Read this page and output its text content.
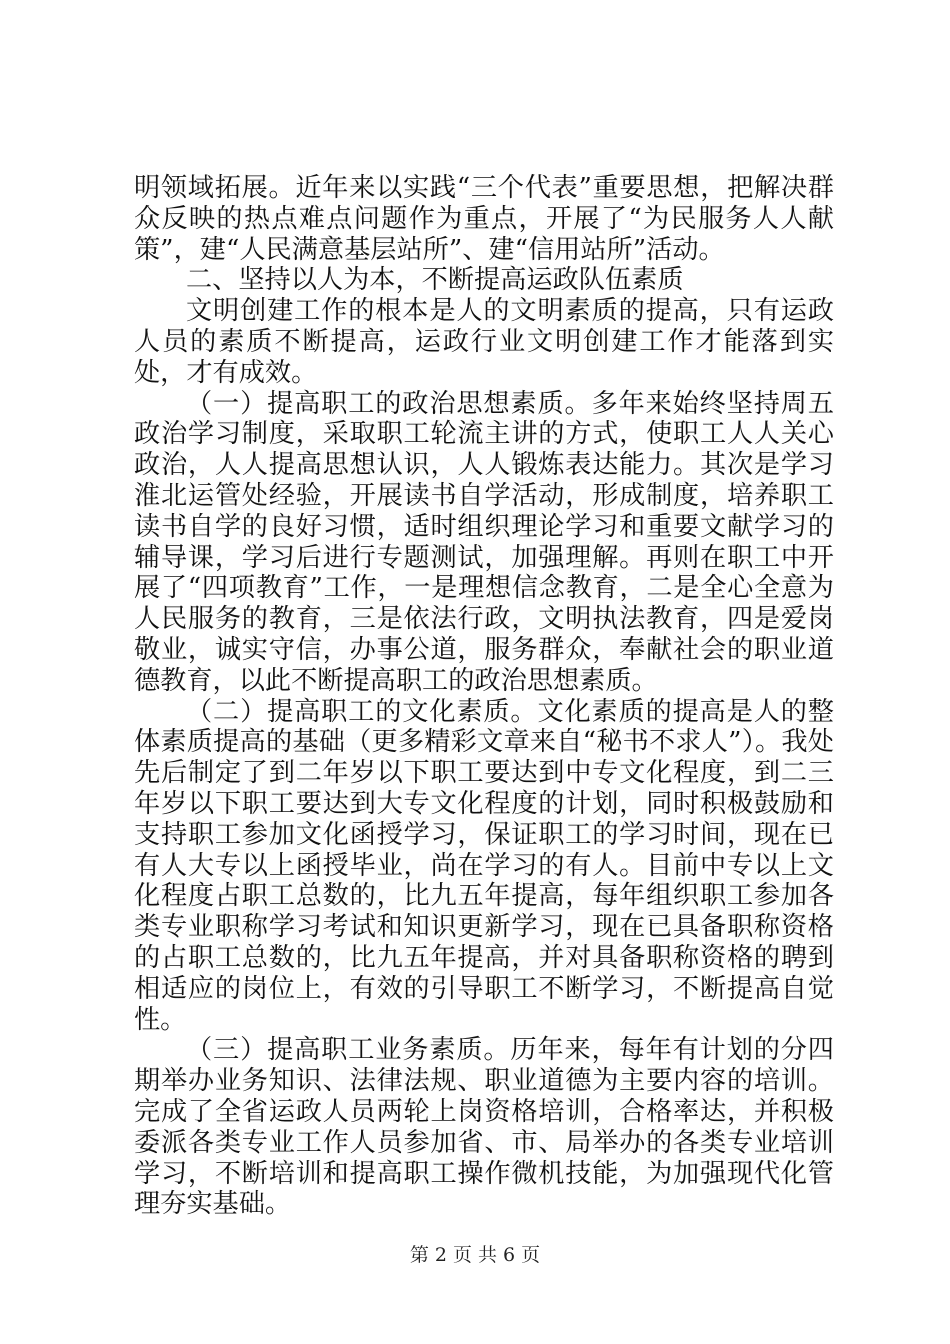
明领域拓展。近年来以实践“三个代表”重要思想，把解决群众反映的热点难点问题作为重点，开展了“为民服务人人献策”，建“人民满意基层站所”、建“信用站所”活动。

二、坚持以人为本，不断提高运政队伍素质

文明创建工作的根本是人的文明素质的提高，只有运政人员的素质不断提高，运政行业文明创建工作才能落到实处，才有成效。

（一）提高职工的政治思想素质。多年来始终坚持周五政治学习制度，采取职工轮流主讲的方式，使职工人人关心政治，人人提高思想认识，人人锻炼表达能力。其次是学习淮北运管处经验，开展读书自学活动，形成制度，培养职工读书自学的良好习惯，适时组织理论学习和重要文献学习的辅导课，学习后进行专题测试，加强理解。再则在职工中开展了“四项教育”工作，一是理想信念教育，二是全心全意为人民服务的教育，三是依法行政，文明执法教育，四是爱岗敬业，诚实守信，办事公道，服务群众，奉献社会的职业道德教育，以此不断提高职工的政治思想素质。

（二）提高职工的文化素质。文化素质的提高是人的整体素质提高的基础（更多精彩文章来自“秘书不求人”）。我处先后制定了到二年岁以下职工要达到中专文化程度，到二三年岁以下职工要达到大专文化程度的计划，同时积极鼓励和支持职工参加文化函授学习，保证职工的学习时间，现在已有人大专以上函授毕业，尚在学习的有人。目前中专以上文化程度占职工总数的，比九五年提高，每年组织职工参加各类专业职称学习考试和知识更新学习，现在已具备职称资格的占职工总数的，比九五年提高，并对具备职称资格的聘到相适应的岗位上，有效的引导职工不断学习，不断提高自觉性。

（三）提高职工业务素质。历年来，每年有计划的分四期举办业务知识、法律法规、职业道德为主要内容的培训。完成了全省运政人员两轮上岗资格培训，合格率达，并积极委派各类专业工作人员参加省、市、局举办的各类专业培训学习，不断培训和提高职工操作微机技能，为加强现代化管理夯实基础。

第 2 页 共 6 页
